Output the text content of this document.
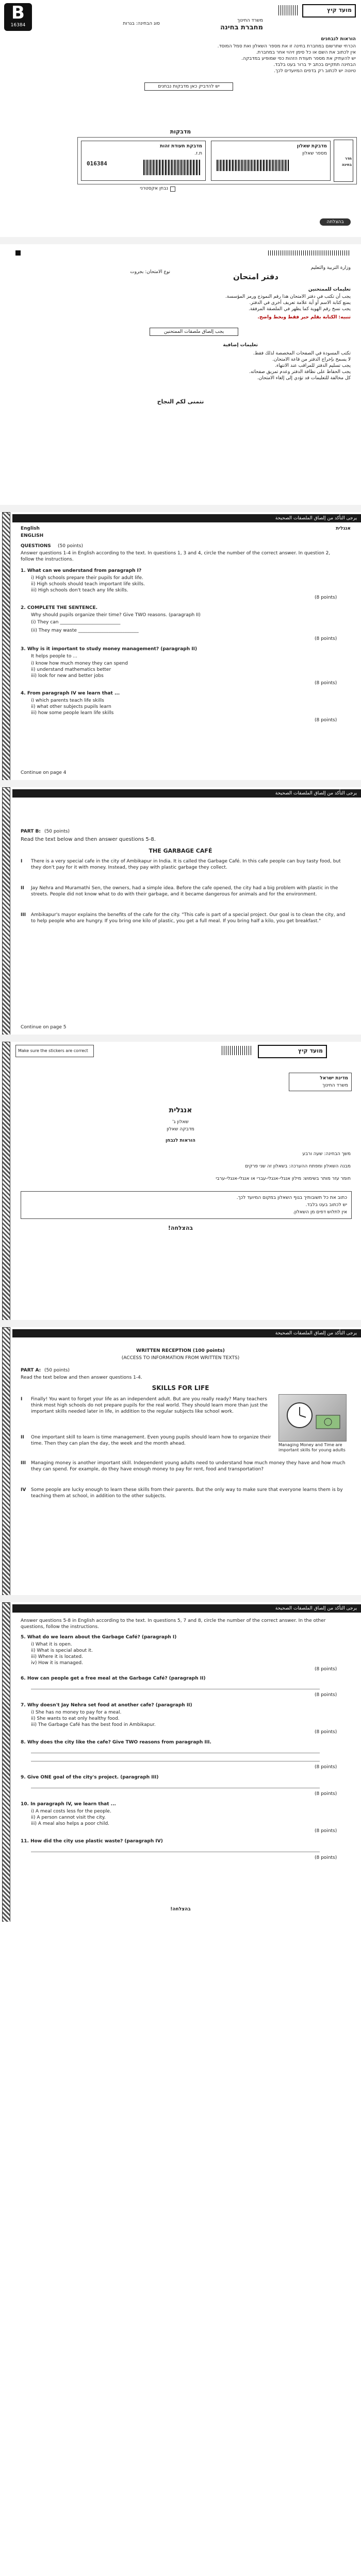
B
16384
מועד קיץ
משרד החינוך
מחברת בחינה
סוג הבחינה: בגרות
הוראות לנבחנים
הכרחי שתרשום במחברת בחינה זו את מספר השאלון ואת סמל המוסד.
אין לכתוב את השם או כל סימן זיהוי אחר במחברת.
יש להעתיק את מספר תעודת הזהות כפי שמופיע במדבקה.
הבחינה תתקיים בכתב יד ברור בעט בלבד.
טיוטה יש לכתוב רק בדפים המיועדים לכך.
יש להדביק כאן מדבקות נבחנים
מדבקות
מדבקת תעודת זהות
ת.ז.
016384
מדבקת שאלון
מספר שאלון
חדר בחינה
נבחן אקסטרני
בהצלחה
وزارة التربية والتعليم
دفتر امتحان
نوع الامتحان: بجروت
تعليمات للممتحنين
يجب أن تكتب في دفتر الامتحان هذا رقم النموذج ورمز المؤسسة.
يمنع كتابة الاسم أو أية علامة تعريف أخرى في الدفتر.
يجب نسخ رقم الهوية كما يظهر في الملصقة المرفقة.
تنبيه: الكتابة بقلم حبر فقط وبخط واضح.
يجب إلصاق ملصقات الممتحنين
تعليمات إضافية
تكتب المسودة في الصفحات المخصصة لذلك فقط.
لا يسمح بإخراج الدفتر من قاعة الامتحان.
يجب تسليم الدفتر للمراقب عند الانتهاء.
يجب الحفاظ على نظافة الدفتر وعدم تمزيق صفحاته.
كل مخالفة للتعليمات قد تؤدي إلى إلغاء الامتحان.
نتمنى لكم النجاح
يرجى التأكد من إلصاق الملصقات الصحيحة
אנגלית
English
ENGLISH
QUESTIONS	(50 points)
Answer questions 1-4 in English according to the text. In questions 1, 3 and 4, circle the number of the correct answer. In question 2, follow the instructions.
1. What can we understand from paragraph I?
i) High schools prepare their pupils for adult life.
ii) High schools should teach important life skills.
iii) High schools don't teach any life skills.
(8 points)
2. COMPLETE THE SENTENCE.
Why should pupils organize their time? Give TWO reasons. (paragraph II)
(i) They can __________________________
(ii) They may waste __________________________
(8 points)
3. Why is it important to study money management? (paragraph II)
It helps people to ...
i) know how much money they can spend
ii) understand mathematics better
iii) look for new and better jobs
(8 points)
4. From paragraph IV we learn that ...
i) which parents teach life skills
ii) what other subjects pupils learn
iii) how some people learn life skills
(8 points)
Continue on page 4
يرجى التأكد من إلصاق الملصقات الصحيحة
PART B: (50 points)
Read the text below and then answer questions 5-8.
THE GARBAGE CAFÉ
I	There is a very special cafe in the city of Ambikapur in India. It is called the Garbage Café. In this cafe people can buy tasty food, but they don't pay for it with money. Instead, they pay with plastic garbage they collect.
II	Jay Nehra and Muramathi Sen, the owners, had a simple idea. Before the cafe opened, the city had a big problem with plastic in the streets. People did not know what to do with their garbage, and it became dangerous for animals and for the environment.
III	Ambikapur's mayor explains the benefits of the cafe for the city. "This cafe is part of a special project. Our goal is to clean the city, and to help people who are hungry. If you bring one kilo of plastic, you get a full meal. If you bring half a kilo, you get breakfast."
Continue on page 5
Make sure the stickers are correct	מועד קיץ
מדינת ישראל
משרד החינוך
אנגלית
שאלון ג'
מדבקה שאלון
הוראות לנבחן
משך הבחינה: שעה ורבע
מבנה השאלון ומפתח ההערכה: בשאלון זה שני פרקים
חומר עזר מותר בשימוש: מילון אנגלי-אנגלי-עברי או אנגלי-אנגלי-ערבי
כתוב את כל תשובותיך בגוף השאלון במקום המיועד לכך.
יש לכתוב בעט בלבד.
אין לתלוש דפים מן השאלון.
בהצלחה!
يرجى التأكد من إلصاق الملصقات الصحيحة
WRITTEN RECEPTION (100 points)
(ACCESS TO INFORMATION FROM WRITTEN TEXTS)
PART A: (50 points)
Read the text below and then answer questions 1-4.
SKILLS FOR LIFE
Managing Money and Time are important skills for young adults
I	Finally! You want to forget your life as an independent adult. But are you really ready? Many teachers think most high schools do not prepare pupils for the real world. They should learn more than just the important skills needed later in life, in addition to the regular subjects like school work.
II	One important skill to learn is time management. Even young pupils should learn how to organize their time. Then they can plan the day, the week and the month ahead.
III	Managing money is another important skill. Independent young adults need to understand how much money they have and how much they can spend. For example, do they have enough money to pay for rent, food and transportation?
IV	Some people are lucky enough to learn these skills from their parents. But the only way to make sure that everyone learns them is by teaching them at school, in addition to the other subjects.
يرجى التأكد من إلصاق الملصقات الصحيحة
Answer questions 5-8 in English according to the text. In questions 5, 7 and 8, circle the number of the correct answer. In the other questions, follow the instructions.
5. What do we learn about the Garbage Café? (paragraph I)
i) What it is open.
ii) What is special about it.
iii) Where it is located.
iv) How it is managed.
(8 points)
6. How can people get a free meal at the Garbage Café? (paragraph II)
(8 points)
7. Why doesn't Jay Nehra set food at another cafe? (paragraph II)
i) She has no money to pay for a meal.
ii) She wants to eat only healthy food.
iii) The Garbage Café has the best food in Ambikapur.
(8 points)
8. Why does the city like the cafe? Give TWO reasons from paragraph III.
(8 points)
9. Give ONE goal of the city's project. (paragraph III)
(8 points)
10. In paragraph IV, we learn that ...
i) A meal costs less for the people.
ii) A person cannot visit the city.
iii) A meal also helps a poor child.
(8 points)
11. How did the city use plastic waste? (paragraph IV)
(8 points)
בהצלחה!
